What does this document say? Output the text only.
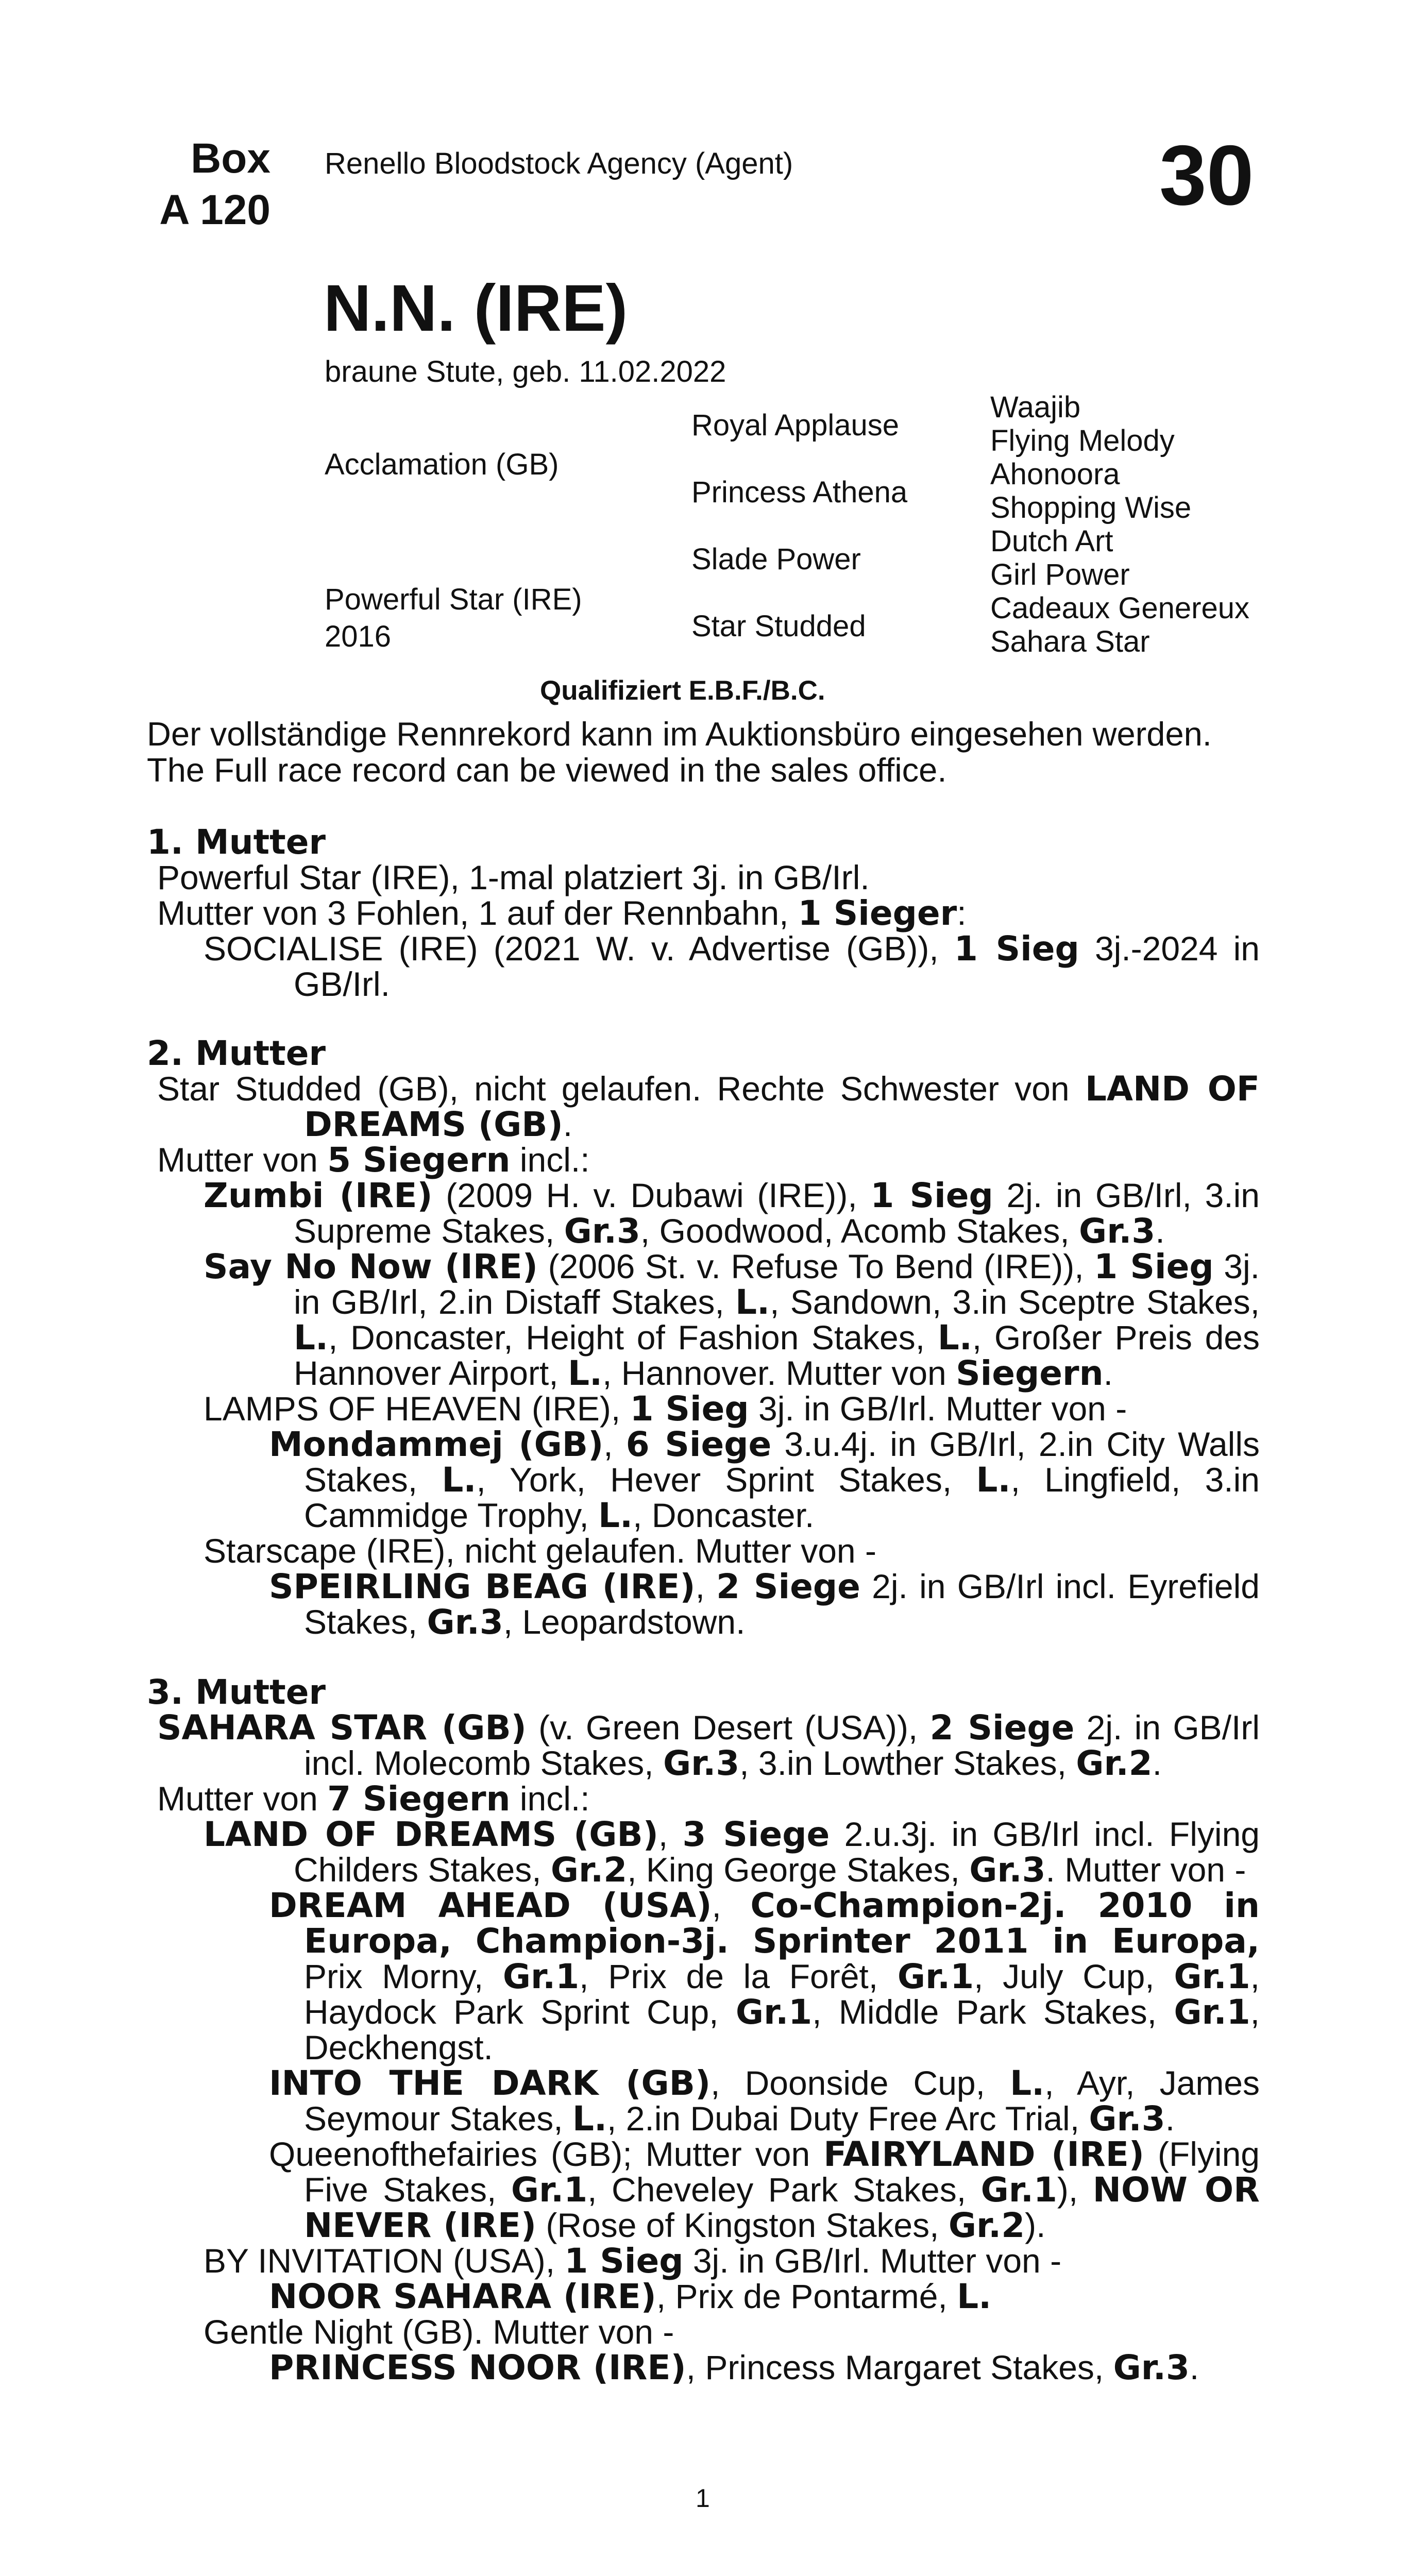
Box
A 120
Renello Bloodstock Agency (Agent)	30
N.N. (IRE)
braune Stute, geb. 11.02.2022
Acclamation (GB)
Powerful Star (IRE)
2016
Royal Applause
Princess Athena
Slade Power
Star Studded
Waajib
Flying Melody
Ahonoora
Shopping Wise
Dutch Art
Girl Power
Cadeaux Genereux
Sahara Star
Qualifiziert E.B.F./B.C.
Der vollständige Rennrekord kann im Auktionsbüro eingesehen werden.
The Full race record can be viewed in the sales office.
1. Mutter
Powerful Star (IRE), 1-mal platziert 3j. in GB/Irl.
Mutter von 3 Fohlen, 1 auf der Rennbahn, 1 Sieger:
SOCIALISE (IRE) (2021 W. v. Advertise (GB)), 1 Sieg 3j.-2024 in GB/Irl.
2. Mutter
Star Studded (GB), nicht gelaufen. Rechte Schwester von LAND OF DREAMS (GB).
Mutter von 5 Siegern incl.:
Zumbi (IRE) (2009 H. v. Dubawi (IRE)), 1 Sieg 2j. in GB/Irl, 3.in Supreme Stakes, Gr.3, Goodwood, Acomb Stakes, Gr.3.
Say No Now (IRE) (2006 St. v. Refuse To Bend (IRE)), 1 Sieg 3j. in GB/Irl, 2.in Distaff Stakes, L., Sandown, 3.in Sceptre Stakes, L., Doncaster, Height of Fashion Stakes, L., Großer Preis des Hannover Airport, L., Hannover. Mutter von Siegern.
LAMPS OF HEAVEN (IRE), 1 Sieg 3j. in GB/Irl. Mutter von -
Mondammej (GB), 6 Siege 3.u.4j. in GB/Irl, 2.in City Walls Stakes, L., York, Hever Sprint Stakes, L., Lingfield, 3.in Cammidge Trophy, L., Doncaster.
Starscape (IRE), nicht gelaufen. Mutter von -
SPEIRLING BEAG (IRE), 2 Siege 2j. in GB/Irl incl. Eyrefield Stakes, Gr.3, Leopardstown.
3. Mutter
SAHARA STAR (GB) (v. Green Desert (USA)), 2 Siege 2j. in GB/Irl incl. Molecomb Stakes, Gr.3, 3.in Lowther Stakes, Gr.2.
Mutter von 7 Siegern incl.:
LAND OF DREAMS (GB), 3 Siege 2.u.3j. in GB/Irl incl. Flying Childers Stakes, Gr.2, King George Stakes, Gr.3. Mutter von -
DREAM AHEAD (USA), Co-Champion-2j. 2010 in Europa, Champion-3j. Sprinter 2011 in Europa, Prix Morny, Gr.1, Prix de la Forêt, Gr.1, July Cup, Gr.1, Haydock Park Sprint Cup, Gr.1, Middle Park Stakes, Gr.1, Deckhengst.
INTO THE DARK (GB), Doonside Cup, L., Ayr, James Seymour Stakes, L., 2.in Dubai Duty Free Arc Trial, Gr.3.
Queenofthefairies (GB); Mutter von FAIRYLAND (IRE) (Flying Five Stakes, Gr.1, Cheveley Park Stakes, Gr.1), NOW OR NEVER (IRE) (Rose of Kingston Stakes, Gr.2).
BY INVITATION (USA), 1 Sieg 3j. in GB/Irl. Mutter von -
NOOR SAHARA (IRE), Prix de Pontarmé, L.
Gentle Night (GB). Mutter von -
PRINCESS NOOR (IRE), Princess Margaret Stakes, Gr.3.
1
